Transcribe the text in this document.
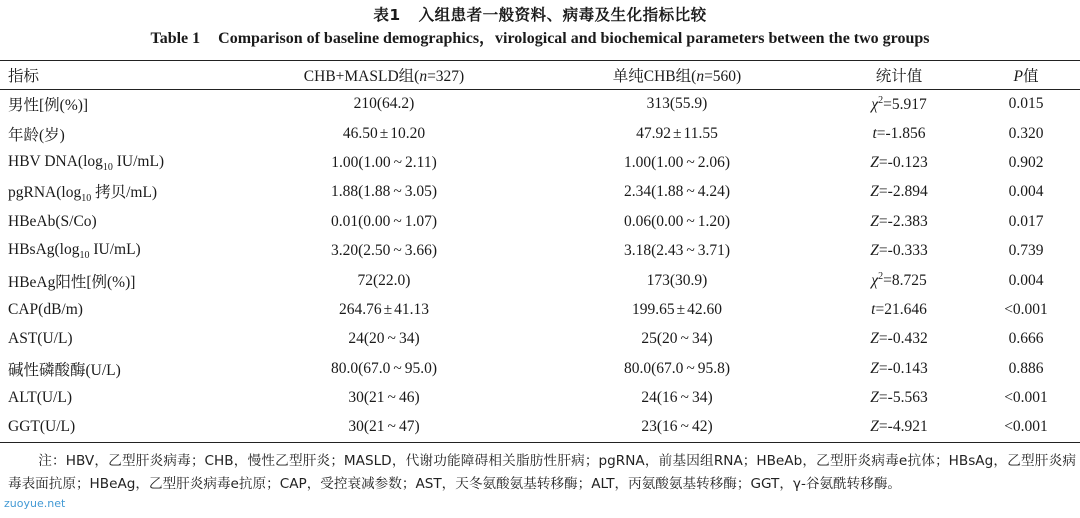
表1 入组患者一般资料、病毒及生化指标比较
Table 1 Comparison of baseline demographics，virological and biochemical parameters between the two groups
指标	CHB+MASLD组(n=327)	单纯CHB组(n=560)	统计值	P值
男性[例(%)]	210(64.2)	313(55.9)	$\chi^2=5.917$	0.015
年龄(岁)	46.50 ± 10.20	47.92 ± 11.55	t=-1.856	0.320
HBV $DNA(\log_{10}$ IU/mL)	1.00(1.00 ~ 2.11)	1.00(1.00 ~ 2.06)	Z=-0.123	0.902
$pgRNA(\log_{10}$ 拷贝/mL)	1.88(1.88 ~ 3.05)	2.34(1.88 ~ 4.24)	Z=-2.894	0.004
HBeAb(S/Co)	0.01(0.00 ~ 1.07)	0.06(0.00 ~ 1.20)	Z=-2.383	0.017
$HBsAg(\log_{10}$ IU/mL)	3.20(2.50 ~ 3.66)	3.18(2.43 ~ 3.71)	Z=-0.333	0.739
HBeAg阳性[例(%)]	72(22.0)	173(30.9)	$\chi^2=8.725$	0.004
CAP(dB/m)	264.76 ± 41.13	199.65 ± 42.60	t=21.646	<0.001
AST(U/L)	24(20 ~ 34)	25(20 ~ 34)	Z=-0.432	0.666
碱性磷酸酶(U/L)	80.0(67.0 ~ 95.0)	80.0(67.0 ~ 95.8)	Z=-0.143	0.886
ALT(U/L)	30(21 ~ 46)	24(16 ~ 34)	Z=-5.563	<0.001
GGT(U/L)	30(21 ~ 47)	23(16 ~ 42)	Z=-4.921	<0.001
注：HBV，乙型肝炎病毒；CHB，慢性乙型肝炎；MASLD，代谢功能障碍相关脂肪性肝病；pgRNA，前基因组RNA；HBeAb，乙型肝炎病毒e抗体；HBsAg，乙型肝炎病毒表面抗原；HBeAg，乙型肝炎病毒e抗原；CAP，受控衰减参数；AST，天冬氨酸氨基转移酶；ALT，丙氨酸氨基转移酶；GGT，γ-谷氨酰转移酶。
zuoyue.net
